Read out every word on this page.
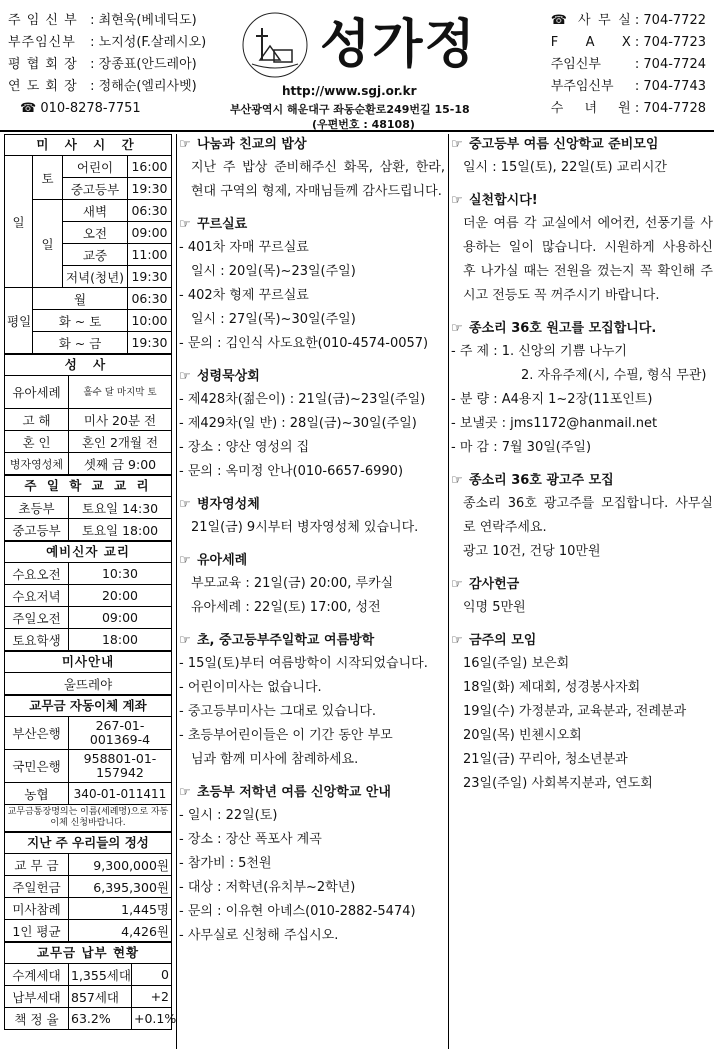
주 임 신 부 : 최현욱(베네딕도)
부주임신부 : 노지성(F.살레시오)
평 협 회 장 : 장종표(안드레아)
연 도 회 장 : 정해순(엘리사벳)
☎ 010-8278-7751
성가정
http://www.sgj.or.kr
부산광역시 해운대구 좌동순환로249번길 15-18
(우편번호 : 48108)
☎ 사 무 실 : 704-7722
F A X : 704-7723
주임신부 : 704-7724
부주임신부 : 704-7743
수 녀 원 : 704-7728
미 사 시 간
일	토	어린이	16:00
		중고등부	19:30
	일	새벽	06:30
		오전	09:00
		교중	11:00
		저녁(청년)	19:30
평일	월		06:30
	화 ~ 토		10:00
	화 ~ 금		19:30
성 사
유아세례	홀수 달 마지막 토
고 해	미사 20분 전
혼 인	혼인 2개월 전
병자영성체	셋째 금 9:00
주 일 학 교 교 리
초등부	토요일 14:30
중고등부	토요일 18:00
예비신자 교리
수요오전	10:30
수요저녁	20:00
주일오전	09:00
토요학생	18:00
미사안내
울뜨레야
교무금 자동이체 계좌
부산은행	267-01-
001369-4
국민은행	958801-01-
157942
농협	340-01-011411
교무금통장명의는 이름(세례명)으로 자동이체 신청바랍니다.
지난 주 우리들의 정성
교 무 금	9,300,000원
주일헌금	6,395,300원
미사참례	1,445명
1인 평균	4,426원
교무금 납부 현황
수계세대	1,355세대	0
납부세대	857세대	+2
책 정 율	63.2%	+0.1%
☞ 나눔과 친교의 밥상

지난 주 밥상 준비해주신 화목, 삼환, 한라, 현대 구역의 형제, 자매님들께 감사드립니다.

☞ 꾸르실료
- 401차 자매 꾸르실료
일시 : 20일(목)~23일(주일)
- 402차 형제 꾸르실료
일시 : 27일(목)~30일(주일)
- 문의 : 김인식 사도요한(010-4574-0057)
☞ 성령묵상회
- 제428차(젊은이) : 21일(금)~23일(주일)
- 제429차(일 반) : 28일(금)~30일(주일)
- 장소 : 양산 영성의 집
- 문의 : 옥미정 안나(010-6657-6990)
☞ 병자영성체
21일(금) 9시부터 병자영성체 있습니다.
☞ 유아세례
부모교육 : 21일(금) 20:00, 루카실
유아세례 : 22일(토) 17:00, 성전
☞ 초, 중고등부주일학교 여름방학
- 15일(토)부터 여름방학이 시작되었습니다.
- 어린이미사는 없습니다.
- 중고등부미사는 그대로 있습니다.
- 초등부어린이들은 이 기간 동안 부모
님과 함께 미사에 참례하세요.
☞ 초등부 저학년 여름 신앙학교 안내
- 일시 : 22일(토)
- 장소 : 장산 폭포사 계곡
- 참가비 : 5천원
- 대상 : 저학년(유치부~2학년)
- 문의 : 이유현 아녜스(010-2882-5474)
- 사무실로 신청해 주십시오.
☞ 중고등부 여름 신앙학교 준비모임
일시 : 15일(토), 22일(토) 교리시간
☞ 실천합시다!

더운 여름 각 교실에서 에어컨, 선풍기를 사용하는 일이 많습니다. 시원하게 사용하신 후 나가실 때는 전원을 껐는지 꼭 확인해 주시고 전등도 꼭 꺼주시기 바랍니다.

☞ 종소리 36호 원고를 모집합니다.
- 주 제 : 1. 신앙의 기쁨 나누기
2. 자유주제(시, 수필, 형식 무관)
- 분 량 : A4용지 1~2장(11포인트)
- 보낼곳 : jms1172@hanmail.net
- 마 감 : 7월 30일(주일)
☞ 종소리 36호 광고주 모집

종소리 36호 광고주를 모집합니다. 사무실로 연락주세요.

광고 10건, 건당 10만원

☞ 감사헌금
익명 5만원
☞ 금주의 모임
16일(주일) 보은회
18일(화) 제대회, 성경봉사자회
19일(수) 가정분과, 교육분과, 전례분과
20일(목) 빈첸시오회
21일(금) 꾸리아, 청소년분과
23일(주일) 사회복지분과, 연도회
